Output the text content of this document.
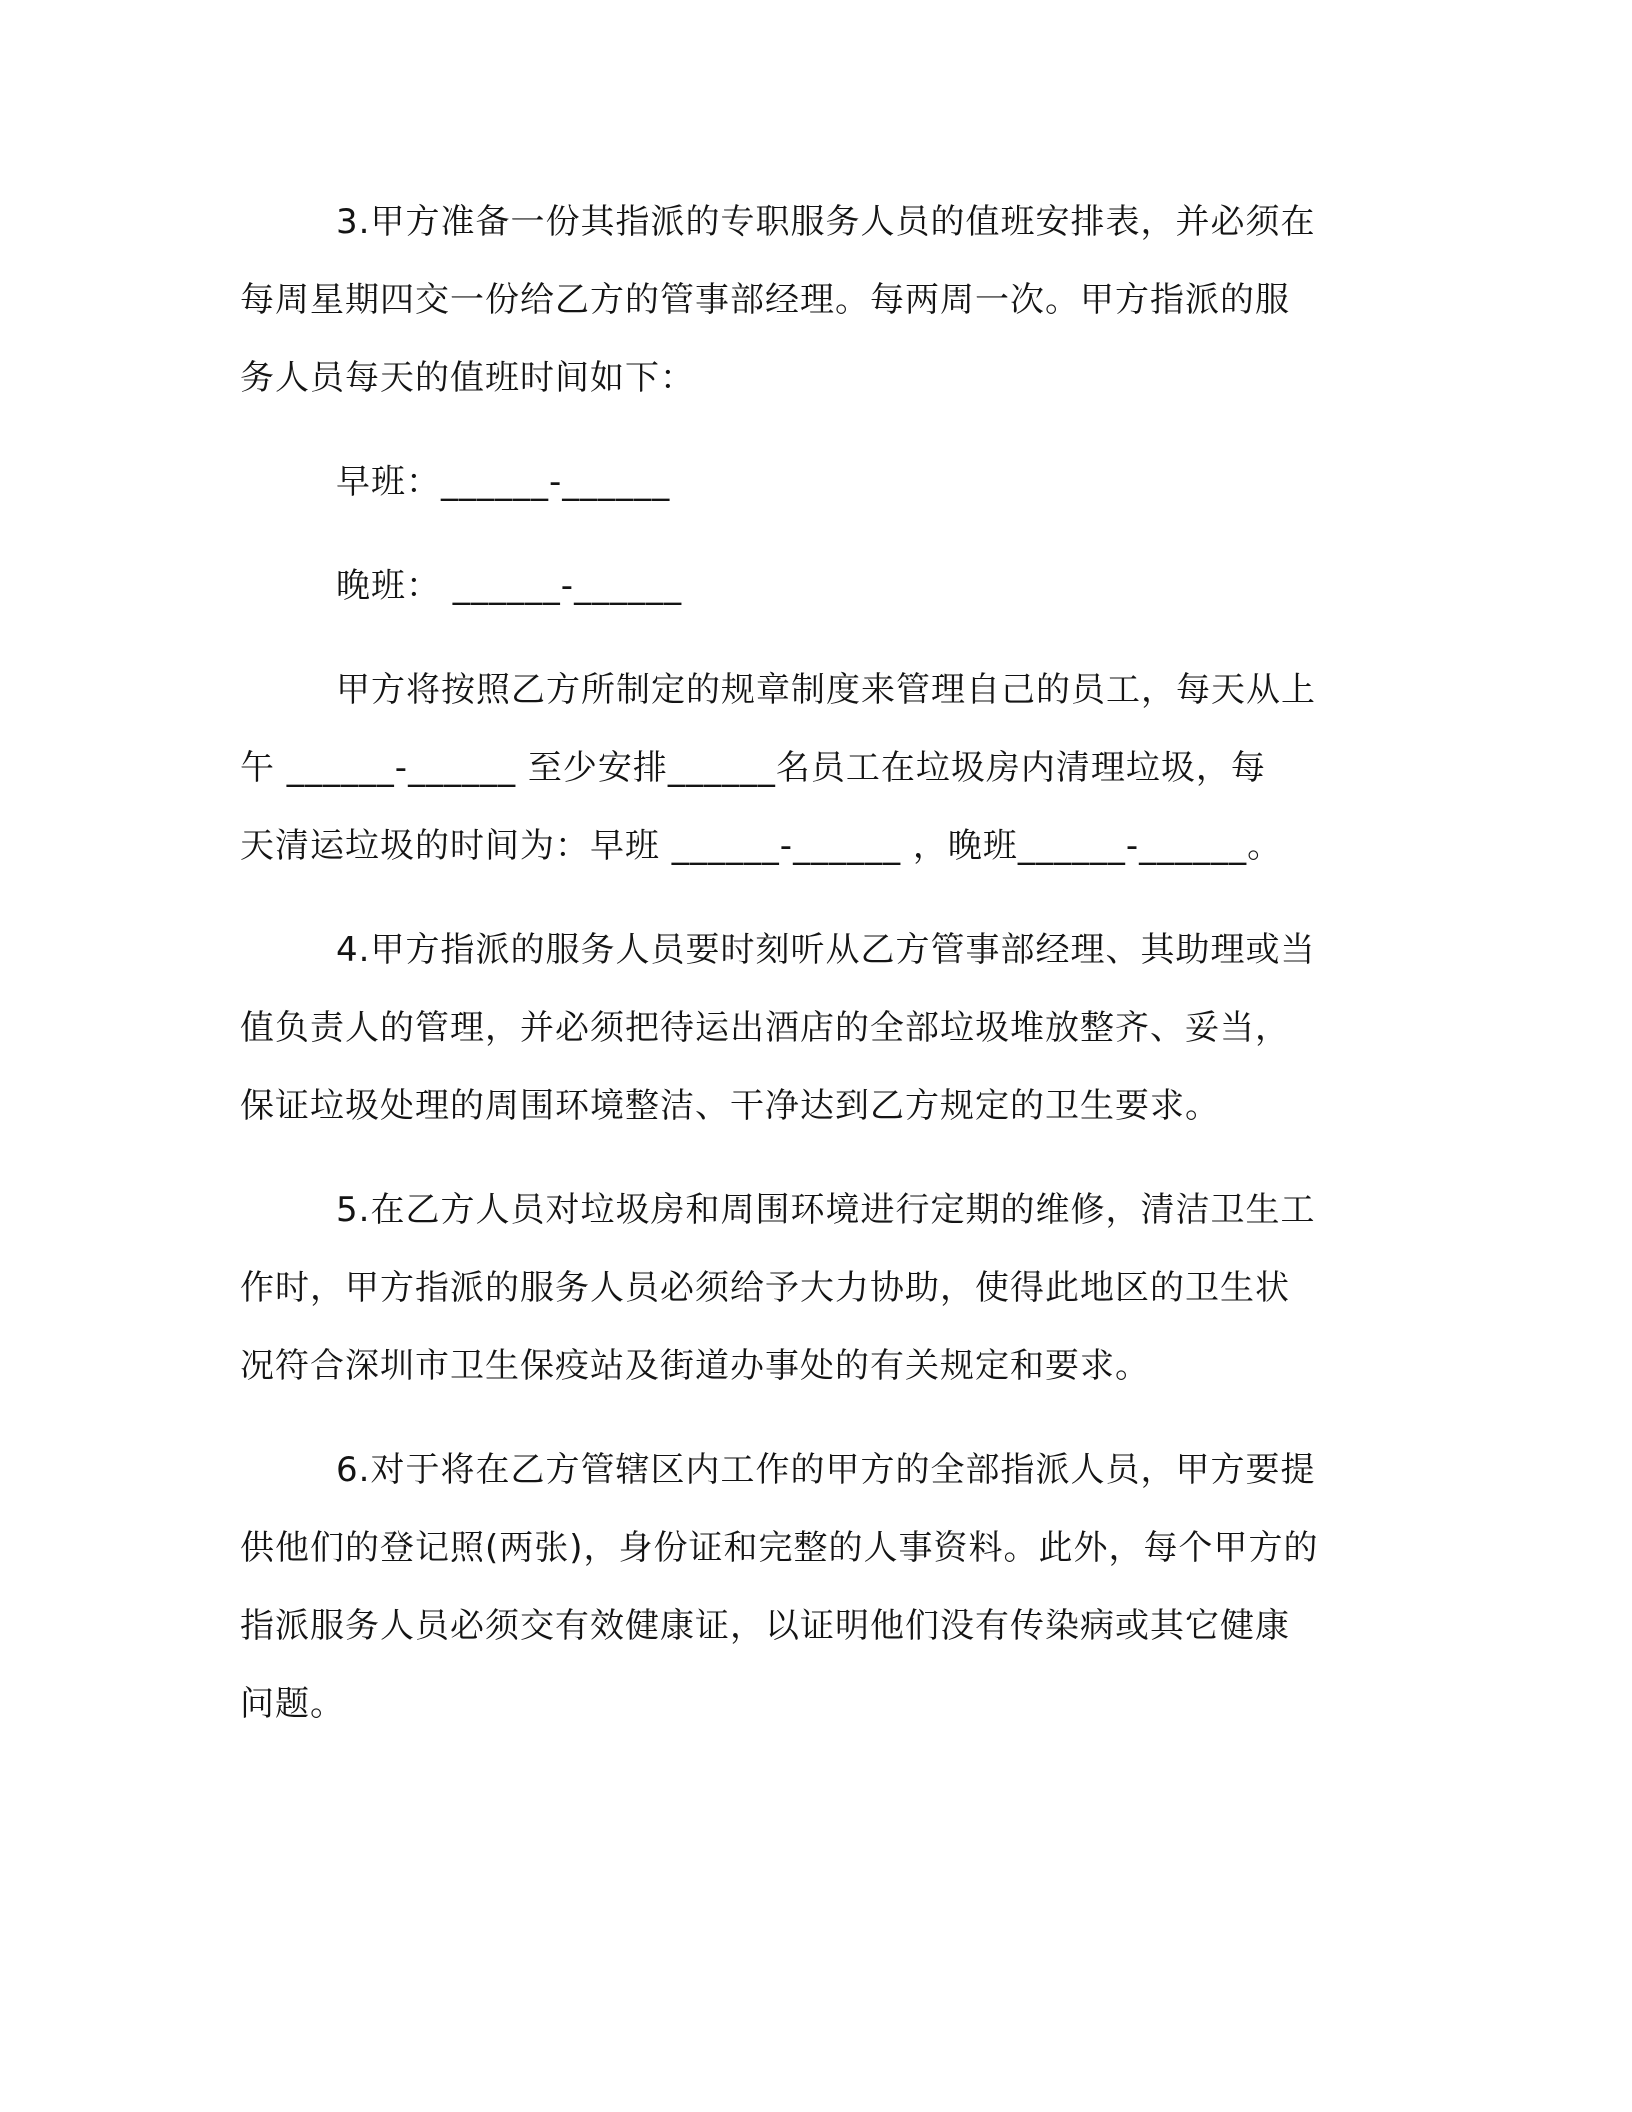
3.甲方准备一份其指派的专职服务人员的值班安排表，并必须在
每周星期四交一份给乙方的管事部经理。每两周一次。甲方指派的服
务人员每天的值班时间如下：
早班：______-______
晚班： ______-______
甲方将按照乙方所制定的规章制度来管理自己的员工，每天从上
午 ______-______ 至少安排______名员工在垃圾房内清理垃圾，每
天清运垃圾的时间为：早班 ______-______ ，晚班______-______。
4.甲方指派的服务人员要时刻听从乙方管事部经理、其助理或当
值负责人的管理，并必须把待运出酒店的全部垃圾堆放整齐、妥当，
保证垃圾处理的周围环境整洁、干净达到乙方规定的卫生要求。
5.在乙方人员对垃圾房和周围环境进行定期的维修，清洁卫生工
作时，甲方指派的服务人员必须给予大力协助，使得此地区的卫生状
况符合深圳市卫生保疫站及街道办事处的有关规定和要求。
6.对于将在乙方管辖区内工作的甲方的全部指派人员，甲方要提
供他们的登记照(两张)，身份证和完整的人事资料。此外，每个甲方的
指派服务人员必须交有效健康证，以证明他们没有传染病或其它健康
问题。
